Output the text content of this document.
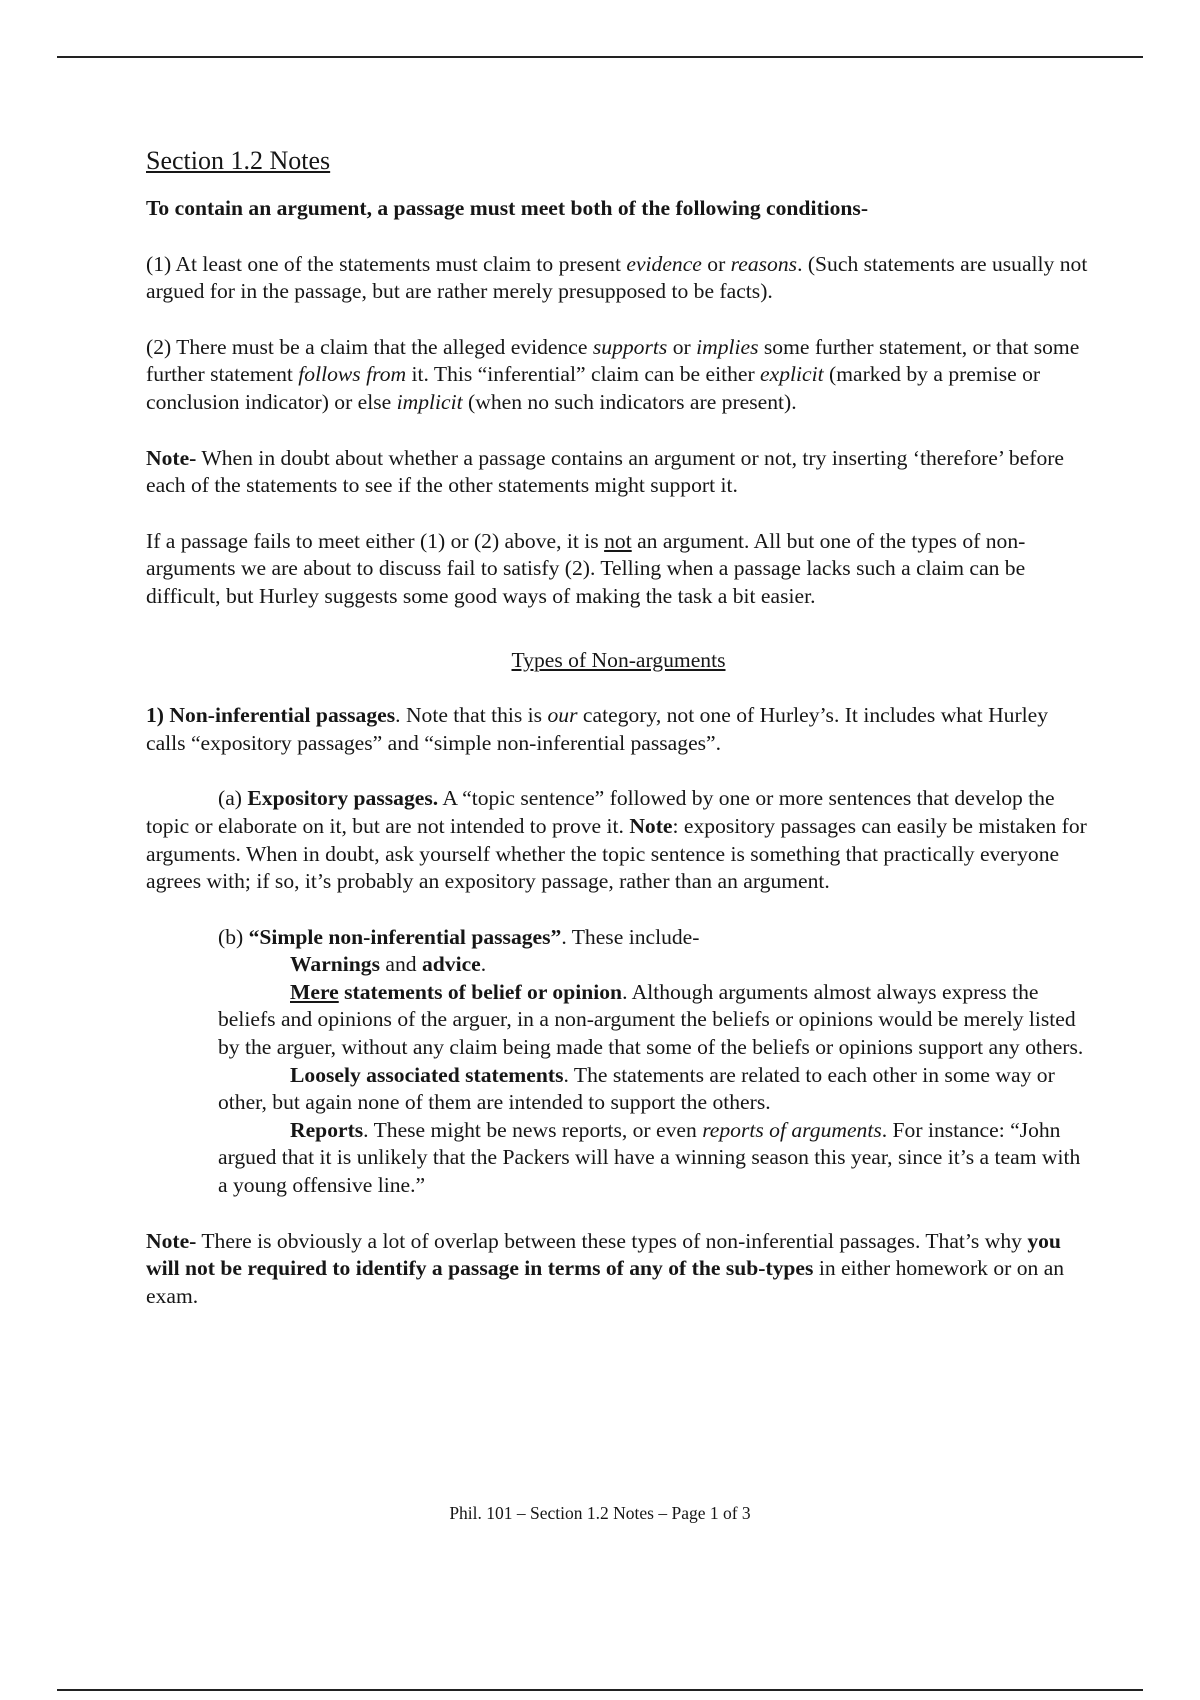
Section 1.2 Notes

To contain an argument, a passage must meet both of the following conditions-

(1) At least one of the statements must claim to present evidence or reasons. (Such statements are usually not argued for in the passage, but are rather merely presupposed to be facts).

(2) There must be a claim that the alleged evidence supports or implies some further statement, or that some further statement follows from it. This “inferential” claim can be either explicit (marked by a premise or conclusion indicator) or else implicit (when no such indicators are present).

Note- When in doubt about whether a passage contains an argument or not, try inserting ‘therefore’ before each of the statements to see if the other statements might support it.

If a passage fails to meet either (1) or (2) above, it is not an argument. All but one of the types of non-arguments we are about to discuss fail to satisfy (2). Telling when a passage lacks such a claim can be difficult, but Hurley suggests some good ways of making the task a bit easier.

Types of Non-arguments

1) Non-inferential passages. Note that this is our category, not one of Hurley’s. It includes what Hurley calls “expository passages” and “simple non-inferential passages”.

(a) Expository passages. A “topic sentence” followed by one or more sentences that develop the topic or elaborate on it, but are not intended to prove it. Note: expository passages can easily be mistaken for arguments. When in doubt, ask yourself whether the topic sentence is something that practically everyone agrees with; if so, it’s probably an expository passage, rather than an argument.

(b) “Simple non-inferential passages”. These include-

Warnings and advice.

Mere statements of belief or opinion. Although arguments almost always express the beliefs and opinions of the arguer, in a non-argument the beliefs or opinions would be merely listed by the arguer, without any claim being made that some of the beliefs or opinions support any others.

Loosely associated statements. The statements are related to each other in some way or other, but again none of them are intended to support the others.

Reports. These might be news reports, or even reports of arguments. For instance: “John argued that it is unlikely that the Packers will have a winning season this year, since it’s a team with a young offensive line.”

Note- There is obviously a lot of overlap between these types of non-inferential passages. That’s why you will not be required to identify a passage in terms of any of the sub-types in either homework or on an exam.

Phil. 101 – Section 1.2 Notes – Page 1 of 3
